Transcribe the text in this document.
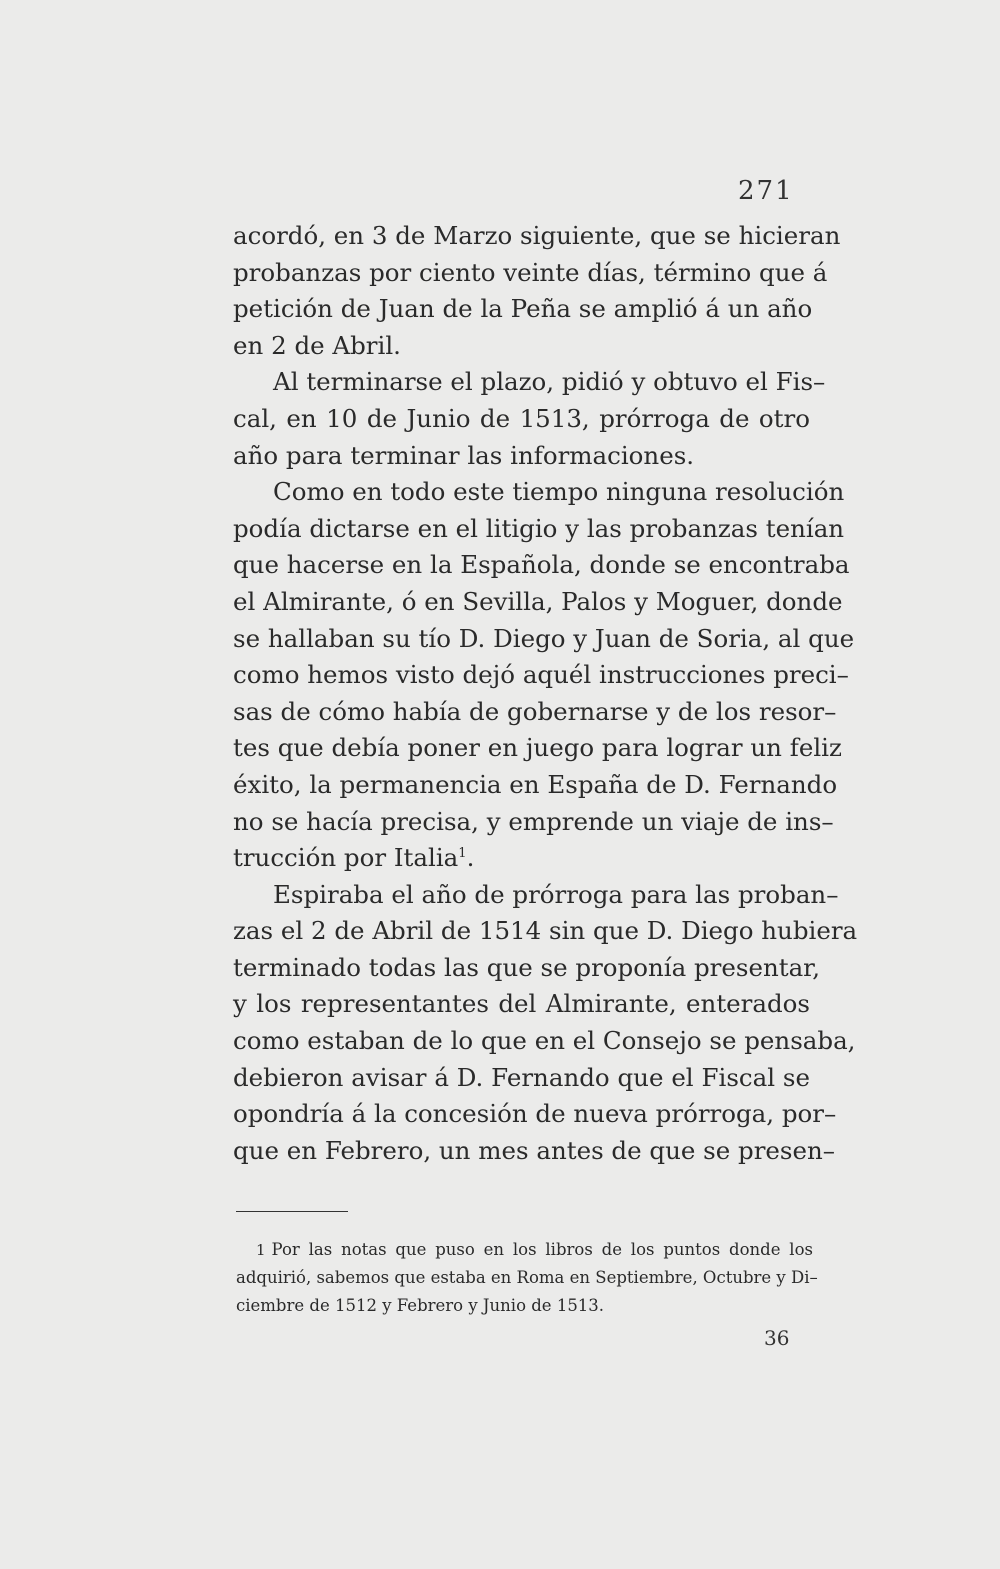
271
acordó, en 3 de Marzo siguiente, que se hicieran
probanzas por ciento veinte días, término que á
petición de Juan de la Peña se amplió á un año
en 2 de Abril.
Al terminarse el plazo, pidió y obtuvo el Fis–
cal, en 10 de Junio de 1513, prórroga de otro
año para terminar las informaciones.
Como en todo este tiempo ninguna resolución
podía dictarse en el litigio y las probanzas tenían
que hacerse en la Española, donde se encontraba
el Almirante, ó en Sevilla, Palos y Moguer, donde
se hallaban su tío D. Diego y Juan de Soria, al que
como hemos visto dejó aquél instrucciones preci–
sas de cómo había de gobernarse y de los resor–
tes que debía poner en juego para lograr un feliz
éxito, la permanencia en España de D. Fernando
no se hacía precisa, y emprende un viaje de ins–
trucción por Italia$^1$.
Espiraba el año de prórroga para las proban–
zas el 2 de Abril de 1514 sin que D. Diego hubiera
terminado todas las que se proponía presentar,
y los representantes del Almirante, enterados
como estaban de lo que en el Consejo se pensaba,
debieron avisar á D. Fernando que el Fiscal se
opondría á la concesión de nueva prórroga, por–
que en Febrero, un mes antes de que se presen–
1 Por las notas que puso en los libros de los puntos donde los
adquirió, sabemos que estaba en Roma en Septiembre, Octubre y Di–
ciembre de 1512 y Febrero y Junio de 1513.
36
